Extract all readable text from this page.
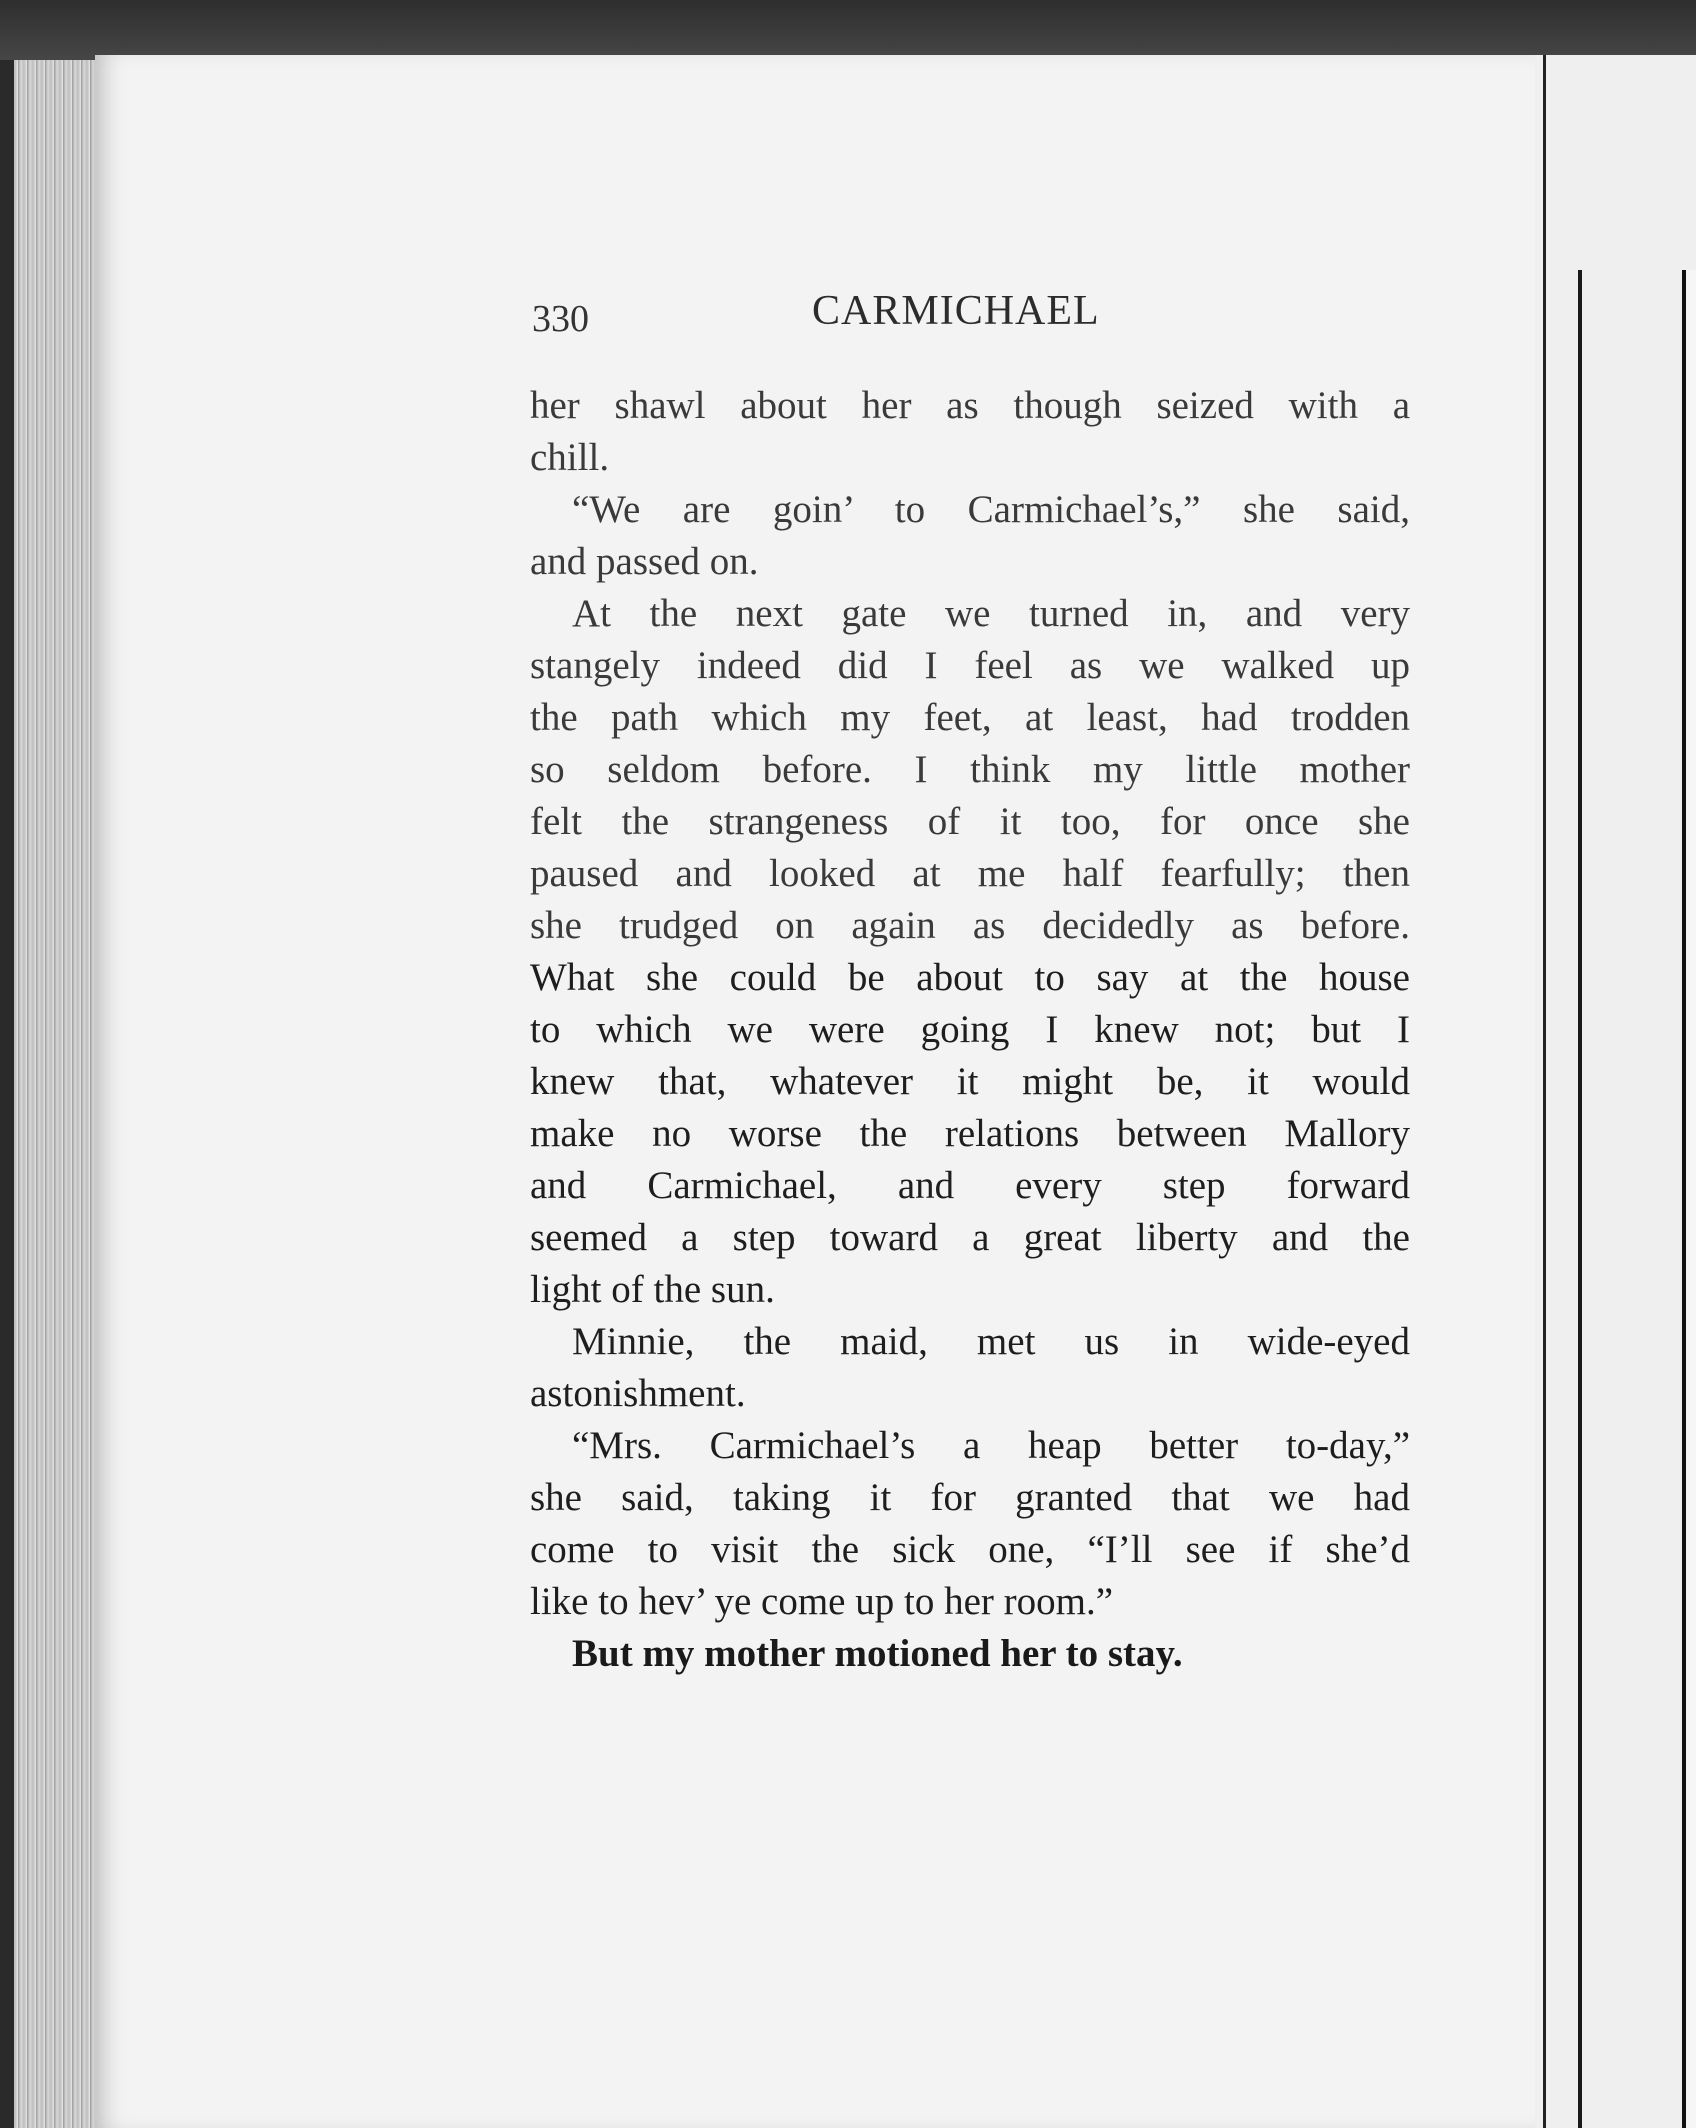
330	CARMICHAEL
her shawl about her as though seized with a
chill.
“We are goin’ to Carmichael’s,” she said,
and passed on.
At the next gate we turned in, and very
stangely indeed did I feel as we walked up
the path which my feet, at least, had trodden
so seldom before. I think my little mother
felt the strangeness of it too, for once she
paused and looked at me half fearfully; then
she trudged on again as decidedly as before.
What she could be about to say at the house
to which we were going I knew not; but I
knew that, whatever it might be, it would
make no worse the relations between Mallory
and Carmichael, and every step forward
seemed a step toward a great liberty and the
light of the sun.
Minnie, the maid, met us in wide-eyed
astonishment.
“Mrs. Carmichael’s a heap better to-day,”
she said, taking it for granted that we had
come to visit the sick one, “I’ll see if she’d
like to hev’ ye come up to her room.”
But my mother motioned her to stay.
